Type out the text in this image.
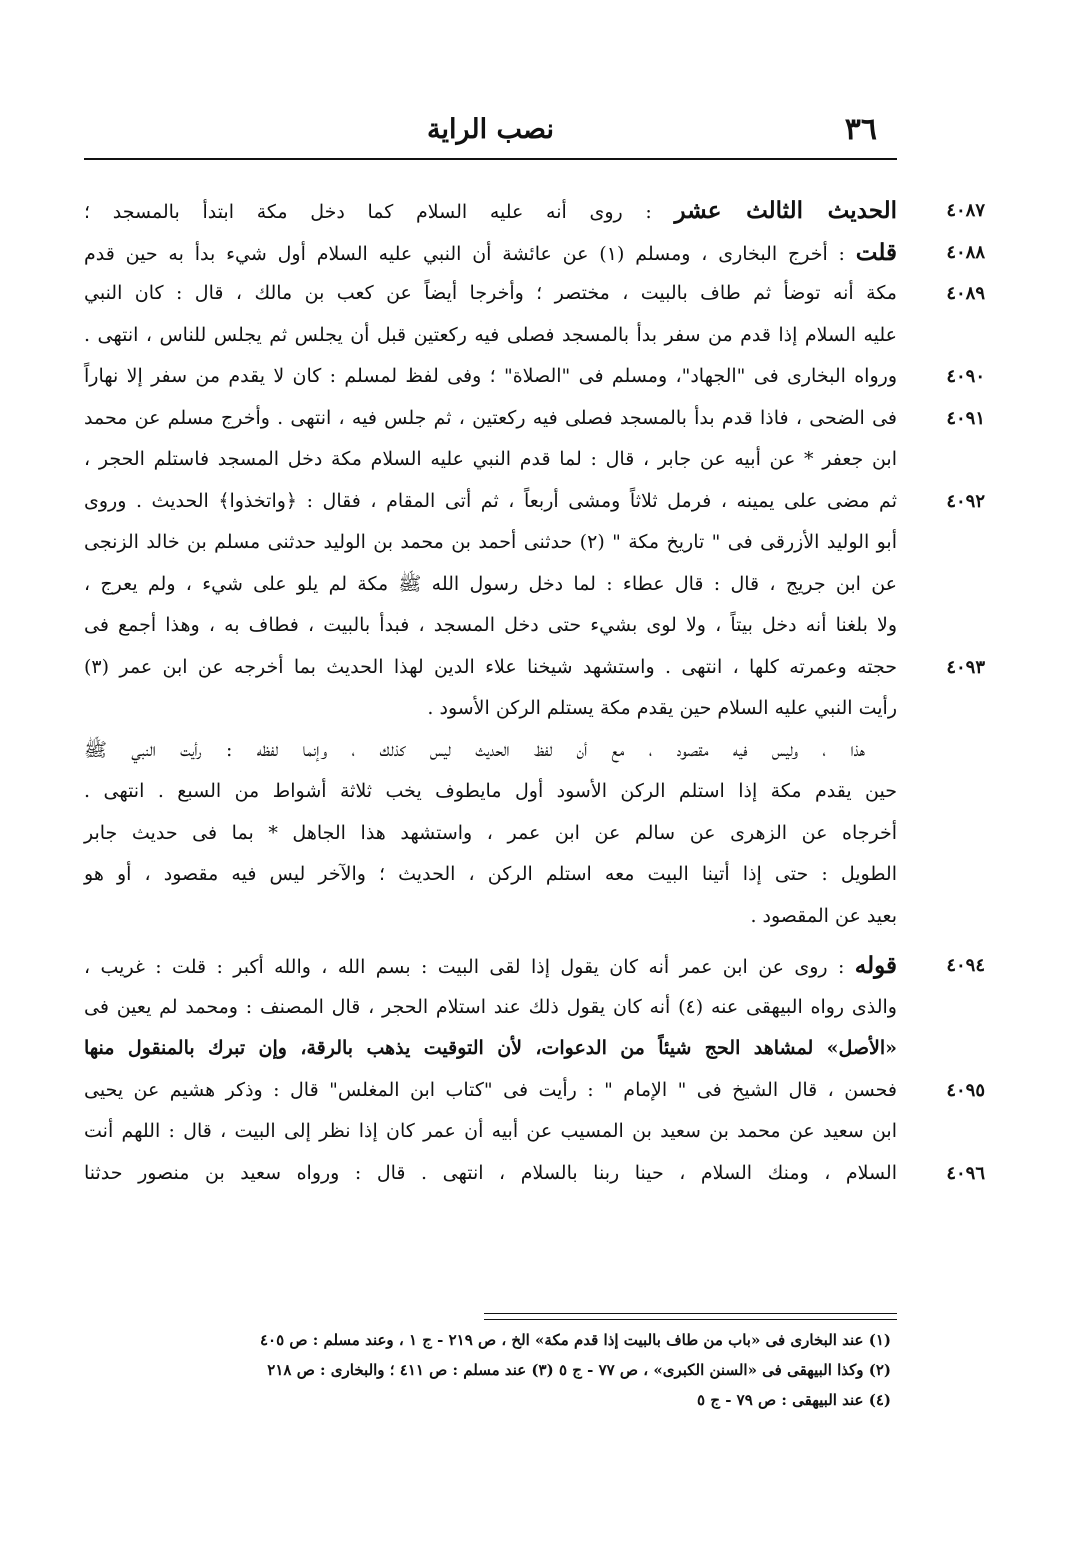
٣٦
نصب الراية
٤٠٨٧
الحديث الثالث عشر : روى أنه عليه السلام كما دخل مكة ابتدأ بالمسجد ؛
٤٠٨٨
قلت : أخرج البخارى ، ومسلم (١) عن عائشة أن النبي عليه السلام أول شيء بدأ به حين قدم
٤٠٨٩
مكة أنه توضأ ثم طاف بالبيت ، مختصر ؛ وأخرجا أيضاً عن كعب بن مالك ، قال : كان النبي
عليه السلام إذا قدم من سفر بدأ بالمسجد فصلى فيه ركعتين قبل أن يجلس ثم يجلس للناس ، انتهى .
٤٠٩٠
ورواه البخارى فى "الجهاد"، ومسلم فى "الصلاة" ؛ وفى لفظ لمسلم : كان لا يقدم من سفر إلا نهاراً
٤٠٩١
فى الضحى ، فاذا قدم بدأ بالمسجد فصلى فيه ركعتين ، ثم جلس فيه ، انتهى . وأخرج مسلم عن محمد
ابن جعفر * عن أبيه عن جابر ، قال : لما قدم النبي عليه السلام مكة دخل المسجد فاستلم الحجر ،
٤٠٩٢
ثم مضى على يمينه ، فرمل ثلاثاً ومشى أربعاً ، ثم أتى المقام ، فقال : ﴿واتخذوا﴾ الحديث . وروى
أبو الوليد الأزرقى فى " تاريخ مكة " (٢) حدثنى أحمد بن محمد بن الوليد حدثنى مسلم بن خالد الزنجى
عن ابن جريج ، قال : قال عطاء : لما دخل رسول الله ﷺ مكة لم يلو على شيء ، ولم يعرج ،
ولا بلغنا أنه دخل بيتاً ، ولا لوى بشيء حتى دخل المسجد ، فبدأ بالبيت ، فطاف به ، وهذا أجمع فى
٤٠٩٣
حجته وعمرته كلها ، انتهى . واستشهد شيخنا علاء الدين لهذا الحديث بما أخرجه عن ابن عمر (٣)
رأيت النبي عليه السلام حين يقدم مكة يستلم الركن الأسود .
هذا ، وليس فيه مقصود ، مع أن لفظ الحديث ليس كذلك ، وإنما لفظه : رأيت النبي ﷺ
حين يقدم مكة إذا استلم الركن الأسود أول مايطوف يخب ثلاثة أشواط من السبع . انتهى .
أخرجاه عن الزهرى عن سالم عن ابن عمر ، واستشهد هذا الجاهل * بما فى حديث جابر
الطويل : حتى إذا أتينا البيت معه استلم الركن ، الحديث ؛ والآخر ليس فيه مقصود ، أو هو
بعيد عن المقصود .
٤٠٩٤
قوله : روى عن ابن عمر أنه كان يقول إذا لقى البيت : بسم الله ، والله أكبر : قلت : غريب ،
والذى رواه البيهقى عنه (٤) أنه كان يقول ذلك عند استلام الحجر ، قال المصنف : ومحمد لم يعين فى
«الأصل» لمشاهد الحج شيئاً من الدعوات، لأن التوقيت يذهب بالرقة، وإن تبرك بالمنقول منها
٤٠٩٥
فحسن ، قال الشيخ فى " الإمام " : رأيت فى "كتاب ابن المغلس" قال : وذكر هشيم عن يحيى
ابن سعيد عن محمد بن سعيد بن المسيب عن أبيه أن عمر كان إذا نظر إلى البيت ، قال : اللهم أنت
٤٠٩٦
السلام ، ومنك السلام ، حينا ربنا بالسلام ، انتهى . قال : ورواه سعيد بن منصور حدثنا
(١) عند البخارى فى «باب من طاف بالبيت إذا قدم مكة» الخ ، ص ٢١٩ - ج ١ ، وعند مسلم : ص ٤٠٥
(٢) وكذا البيهقى فى «السنن الكبرى» ، ص ٧٧ - ج ٥ (٣) عند مسلم : ص ٤١١ ؛ والبخارى : ص ٢١٨
(٤) عند البيهقى : ص ٧٩ - ج ٥
